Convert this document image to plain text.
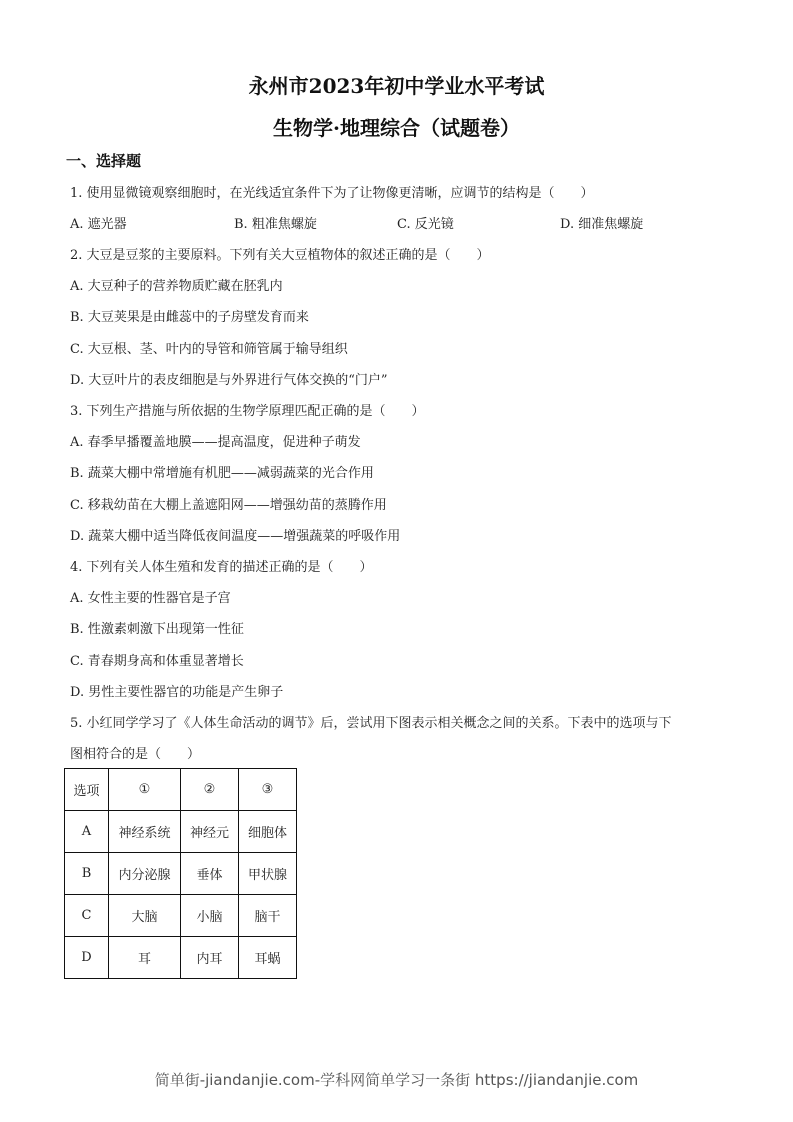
永州市2023年初中学业水平考试
生物学·地理综合（试题卷）
一、选择题
1. 使用显微镜观察细胞时，在光线适宜条件下为了让物像更清晰，应调节的结构是（　　）
A. 遮光器	B. 粗准焦螺旋	C. 反光镜	D. 细准焦螺旋
2. 大豆是豆浆的主要原料。下列有关大豆植物体的叙述正确的是（　　）
A. 大豆种子的营养物质贮藏在胚乳内
B. 大豆荚果是由雌蕊中的子房壁发育而来
C. 大豆根、茎、叶内的导管和筛管属于输导组织
D. 大豆叶片的表皮细胞是与外界进行气体交换的“门户”
3. 下列生产措施与所依据的生物学原理匹配正确的是（　　）
A. 春季早播覆盖地膜——提高温度，促进种子萌发
B. 蔬菜大棚中常增施有机肥——减弱蔬菜的光合作用
C. 移栽幼苗在大棚上盖遮阳网——增强幼苗的蒸腾作用
D. 蔬菜大棚中适当降低夜间温度——增强蔬菜的呼吸作用
4. 下列有关人体生殖和发育的描述正确的是（　　）
A. 女性主要的性器官是子宫
B. 性激素刺激下出现第一性征
C. 青春期身高和体重显著增长
D. 男性主要性器官的功能是产生卵子
5. 小红同学学习了《人体生命活动的调节》后，尝试用下图表示相关概念之间的关系。下表中的选项与下
图相符合的是（　　）
选项	①	②	③
A	神经系统	神经元	细胞体
B	内分泌腺	垂体	甲状腺
C	大脑	小脑	脑干
D	耳	内耳	耳蜗
简单街-jiandanjie.com-学科网简单学习一条街 https://jiandanjie.com
